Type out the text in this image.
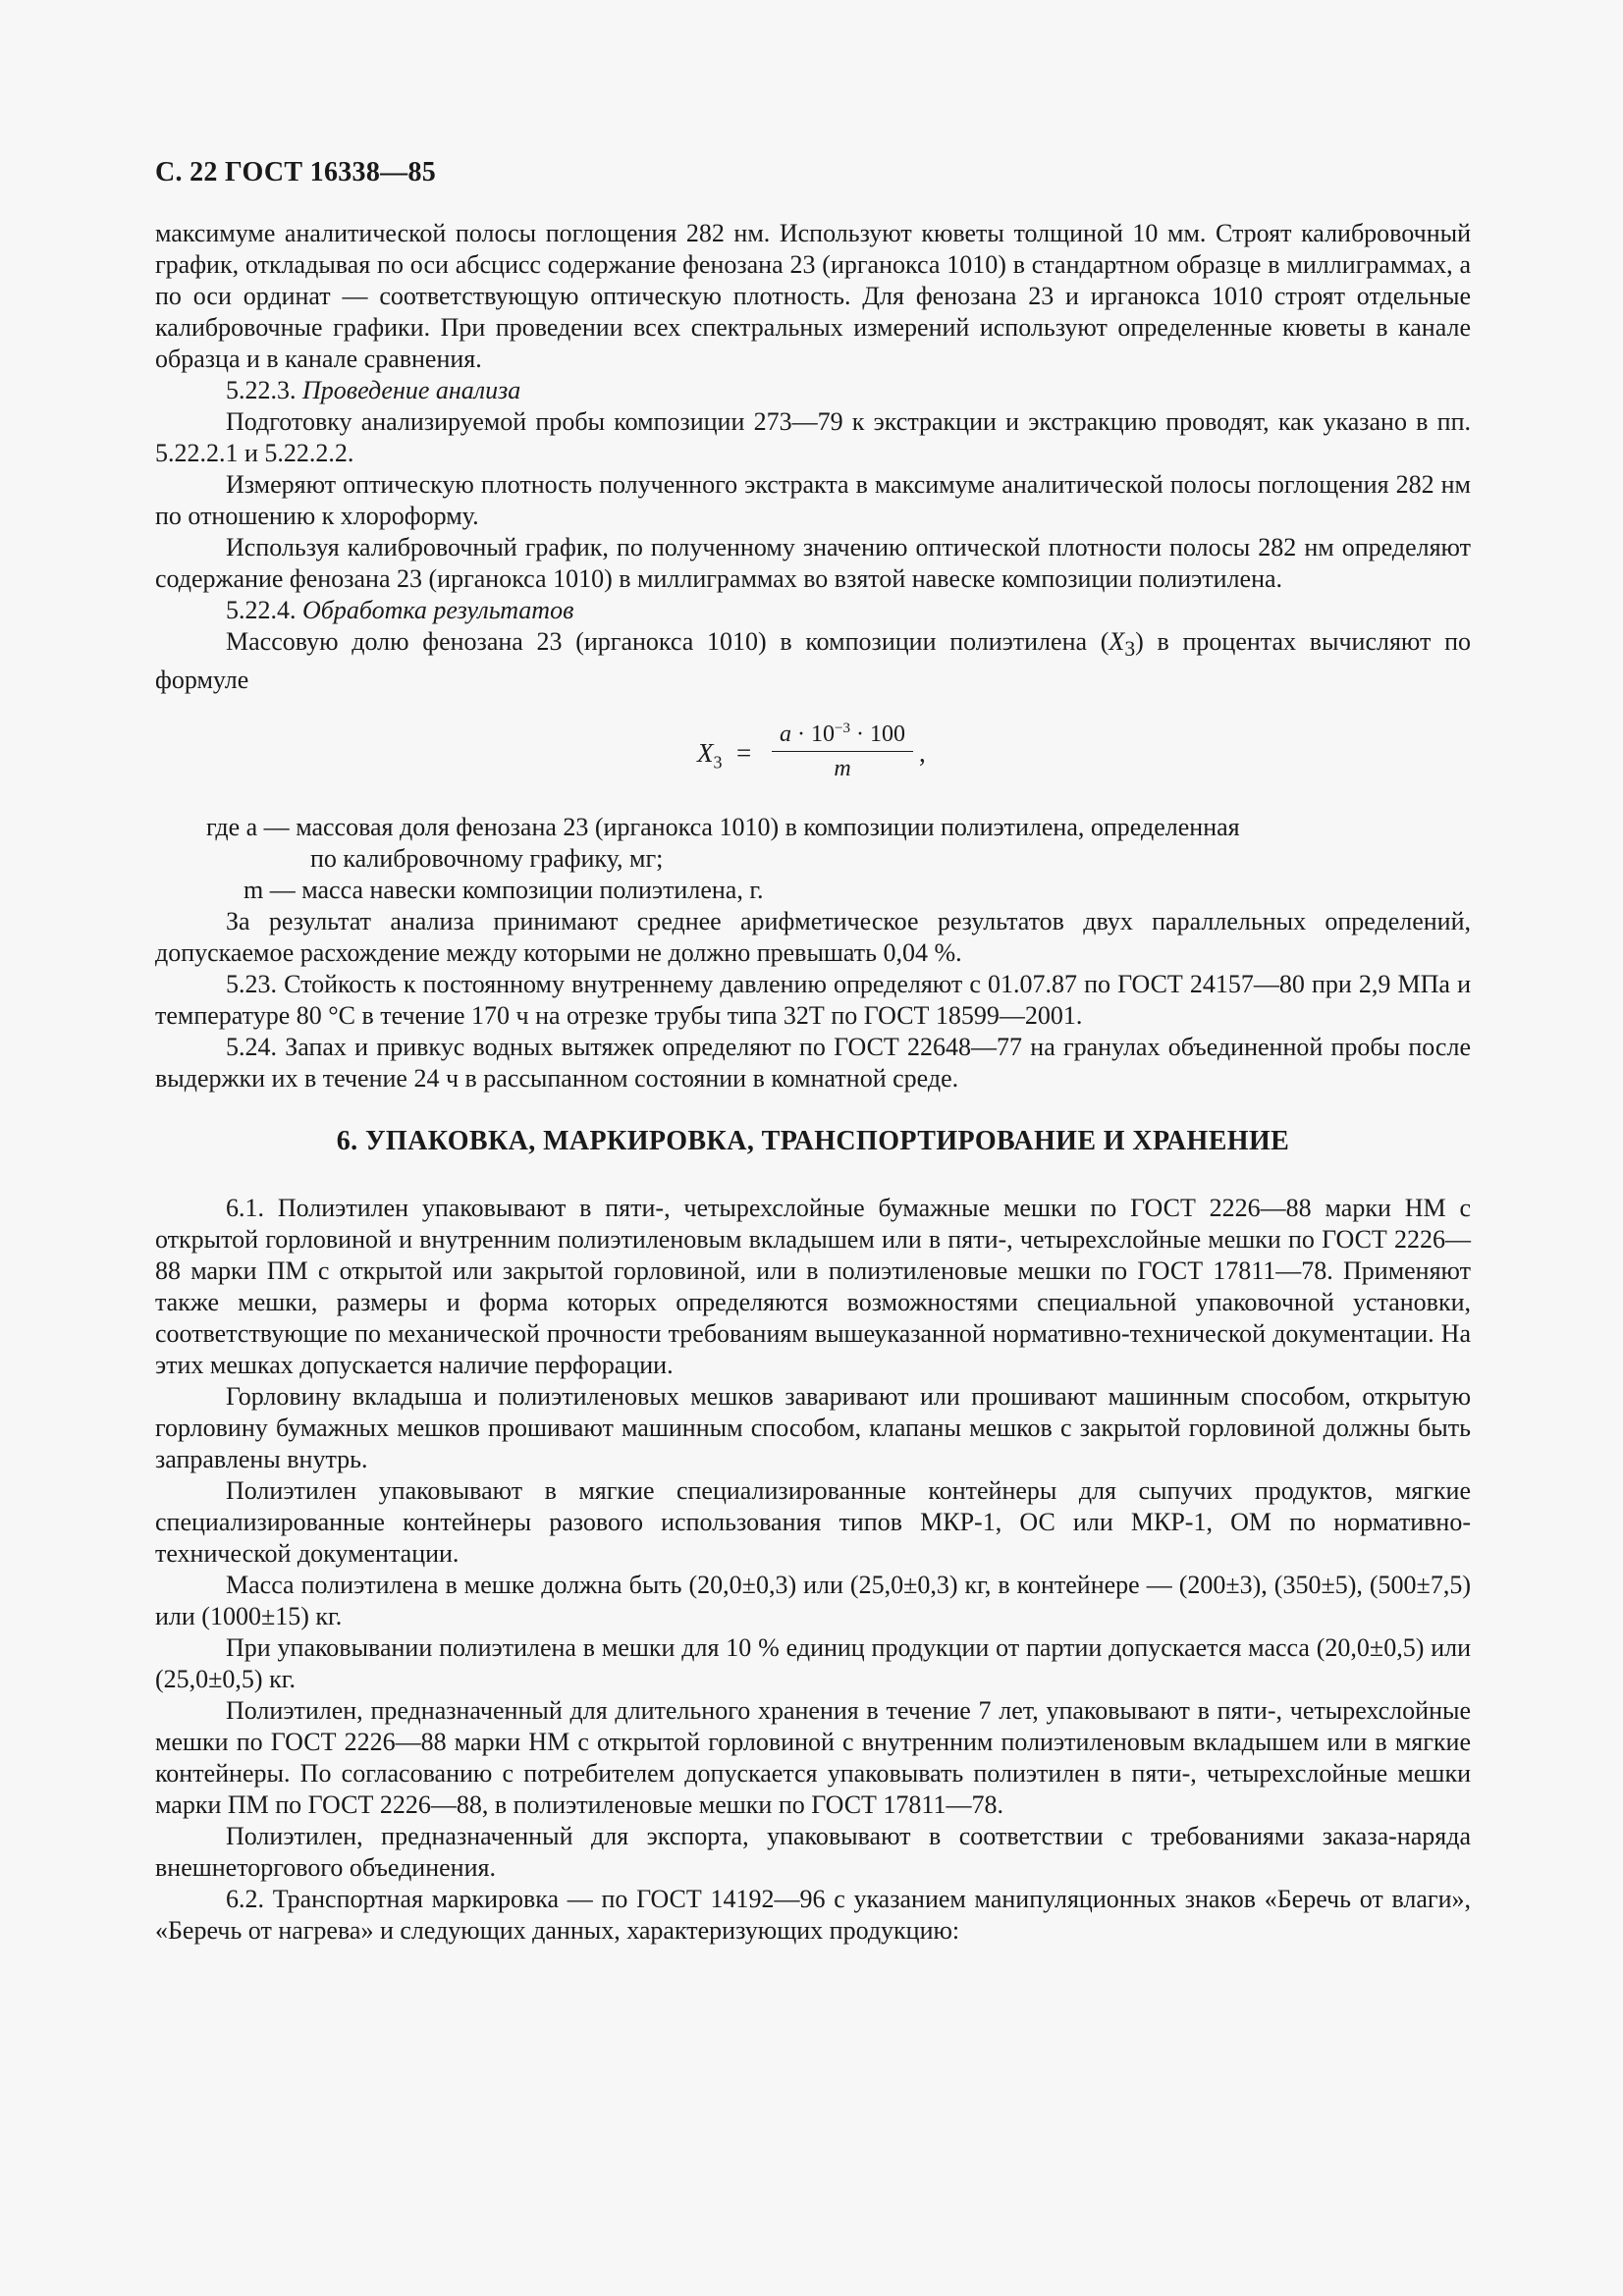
С. 22 ГОСТ 16338—85

максимуме аналитической полосы поглощения 282 нм. Используют кюветы толщиной 10 мм. Строят калибровочный график, откладывая по оси абсцисс содержание фенозана 23 (ирганокса 1010) в стандартном образце в миллиграммах, а по оси ординат — соответствующую оптическую плотность. Для фенозана 23 и ирганокса 1010 строят отдельные калибровочные графики. При проведении всех спектральных измерений используют определенные кюветы в канале образца и в канале сравнения.

5.22.3. Проведение анализа

Подготовку анализируемой пробы композиции 273—79 к экстракции и экстракцию проводят, как указано в пп. 5.22.2.1 и 5.22.2.2.

Измеряют оптическую плотность полученного экстракта в максимуме аналитической полосы поглощения 282 нм по отношению к хлороформу.

Используя калибровочный график, по полученному значению оптической плотности полосы 282 нм определяют содержание фенозана 23 (ирганокса 1010) в миллиграммах во взятой навеске композиции полиэтилена.

5.22.4. Обработка результатов

Массовую долю фенозана 23 (ирганокса 1010) в композиции полиэтилена $(X_3)$ в процентах вычисляют по формуле

$X_3$ =
$a \cdot 10^{-3} \cdot 100$
m
,
где a — массовая доля фенозана 23 (ирганокса 1010) в композиции полиэтилена, определенная
по калибровочному графику, мг;
m — масса навески композиции полиэтилена, г.

За результат анализа принимают среднее арифметическое результатов двух параллельных определений, допускаемое расхождение между которыми не должно превышать 0,04 %.

5.23. Стойкость к постоянному внутреннему давлению определяют с 01.07.87 по ГОСТ 24157—80 при 2,9 МПа и температуре 80 °С в течение 170 ч на отрезке трубы типа 32Т по ГОСТ 18599—2001.

5.24. Запах и привкус водных вытяжек определяют по ГОСТ 22648—77 на гранулах объединенной пробы после выдержки их в течение 24 ч в рассыпанном состоянии в комнатной среде.

6. УПАКОВКА, МАРКИРОВКА, ТРАНСПОРТИРОВАНИЕ И ХРАНЕНИЕ

6.1. Полиэтилен упаковывают в пяти-, четырехслойные бумажные мешки по ГОСТ 2226—88 марки НМ с открытой горловиной и внутренним полиэтиленовым вкладышем или в пяти-, четырехслойные мешки по ГОСТ 2226—88 марки ПМ с открытой или закрытой горловиной, или в полиэтиленовые мешки по ГОСТ 17811—78. Применяют также мешки, размеры и форма которых определяются возможностями специальной упаковочной установки, соответствующие по механической прочности требованиям вышеуказанной нормативно-технической документации. На этих мешках допускается наличие перфорации.

Горловину вкладыша и полиэтиленовых мешков заваривают или прошивают машинным способом, открытую горловину бумажных мешков прошивают машинным способом, клапаны мешков с закрытой горловиной должны быть заправлены внутрь.

Полиэтилен упаковывают в мягкие специализированные контейнеры для сыпучих продуктов, мягкие специализированные контейнеры разового использования типов МКР-1, ОС или МКР-1, ОМ по нормативно-технической документации.

Масса полиэтилена в мешке должна быть (20,0±0,3) или (25,0±0,3) кг, в контейнере — (200±3), (350±5), (500±7,5) или (1000±15) кг.

При упаковывании полиэтилена в мешки для 10 % единиц продукции от партии допускается масса (20,0±0,5) или (25,0±0,5) кг.

Полиэтилен, предназначенный для длительного хранения в течение 7 лет, упаковывают в пяти-, четырехслойные мешки по ГОСТ 2226—88 марки НМ с открытой горловиной с внутренним полиэтиленовым вкладышем или в мягкие контейнеры. По согласованию с потребителем допускается упаковывать полиэтилен в пяти-, четырехслойные мешки марки ПМ по ГОСТ 2226—88, в полиэтиленовые мешки по ГОСТ 17811—78.

Полиэтилен, предназначенный для экспорта, упаковывают в соответствии с требованиями заказа-наряда внешнеторгового объединения.

6.2. Транспортная маркировка — по ГОСТ 14192—96 с указанием манипуляционных знаков «Беречь от влаги», «Беречь от нагрева» и следующих данных, характеризующих продукцию:
